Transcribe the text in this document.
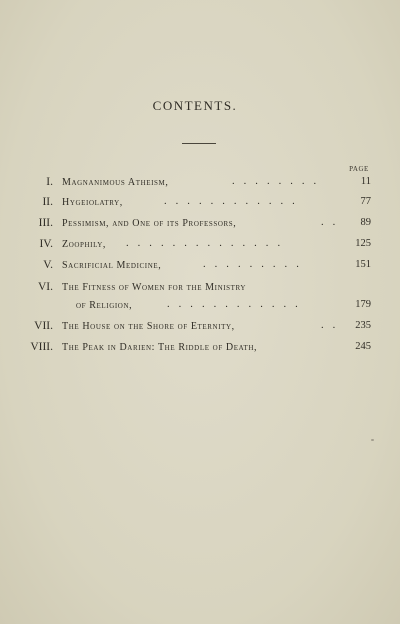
CONTENTS.
PAGE
I. Magnanimous Atheism,	. . . . . . . .	11
II. Hygeiolatry,	. . . . . . . . . . . .	77
III. Pessimism, and One of its Professors,	. . 89
IV. Zoophily, . . . . . . . . . . . . . .	125
V. Sacrificial Medicine,	. . . . . . . . .	151
VI. The Fitness of Women for the Ministry
of Religion,	. . . . . . . . . . . .	179
VII. The House on the Shore of Eternity,	. . 235
VIII. The Peak in Darien: The Riddle of Death,	245
